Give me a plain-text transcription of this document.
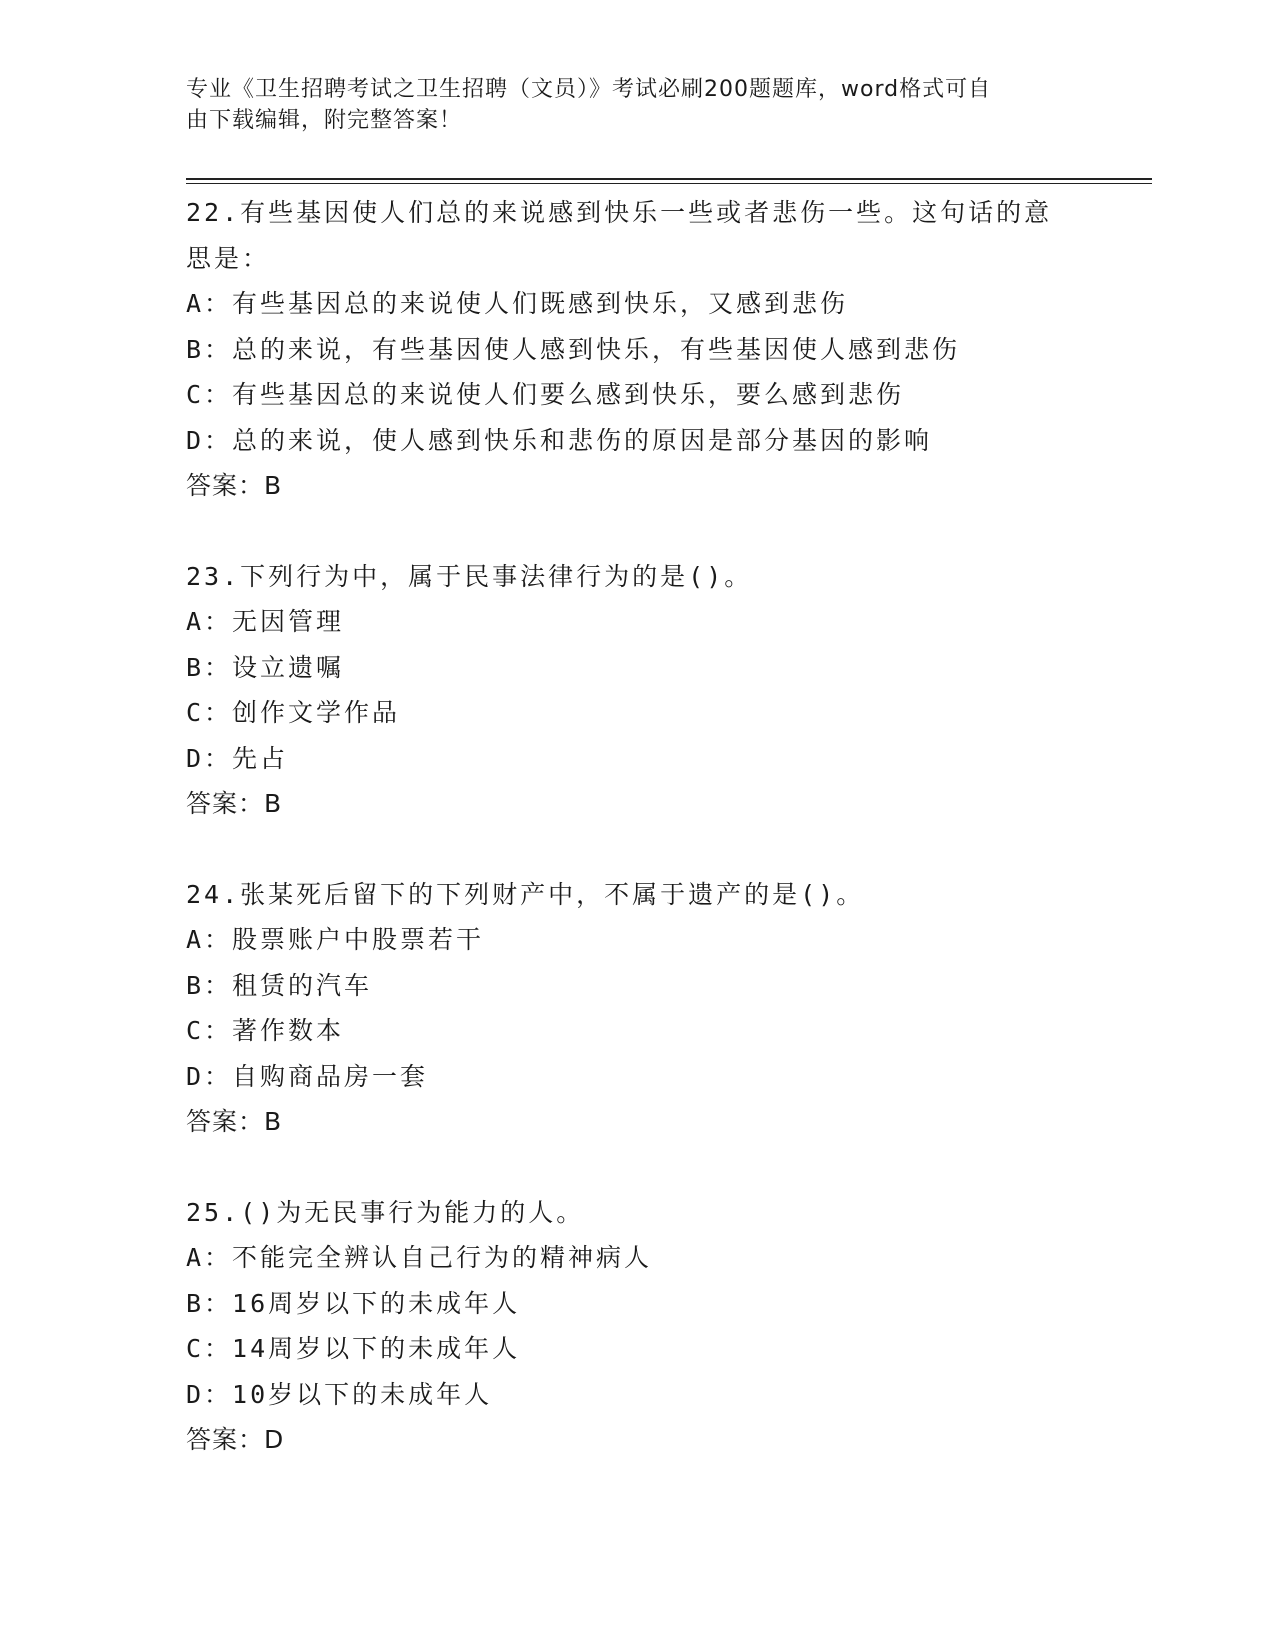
专业《卫生招聘考试之卫生招聘（文员）》考试必刷200题题库，word格式可自
由下载编辑，附完整答案！
22.有些基因使人们总的来说感到快乐一些或者悲伤一些。这句话的意思是：
A：有些基因总的来说使人们既感到快乐，又感到悲伤
B：总的来说，有些基因使人感到快乐，有些基因使人感到悲伤
C：有些基因总的来说使人们要么感到快乐，要么感到悲伤
D：总的来说，使人感到快乐和悲伤的原因是部分基因的影响
答案：B
23.下列行为中，属于民事法律行为的是()。
A：无因管理
B：设立遗嘱
C：创作文学作品
D：先占
答案：B
24.张某死后留下的下列财产中，不属于遗产的是()。
A：股票账户中股票若干
B：租赁的汽车
C：著作数本
D：自购商品房一套
答案：B
25.()为无民事行为能力的人。
A：不能完全辨认自己行为的精神病人
B：16周岁以下的未成年人
C：14周岁以下的未成年人
D：10岁以下的未成年人
答案：D
